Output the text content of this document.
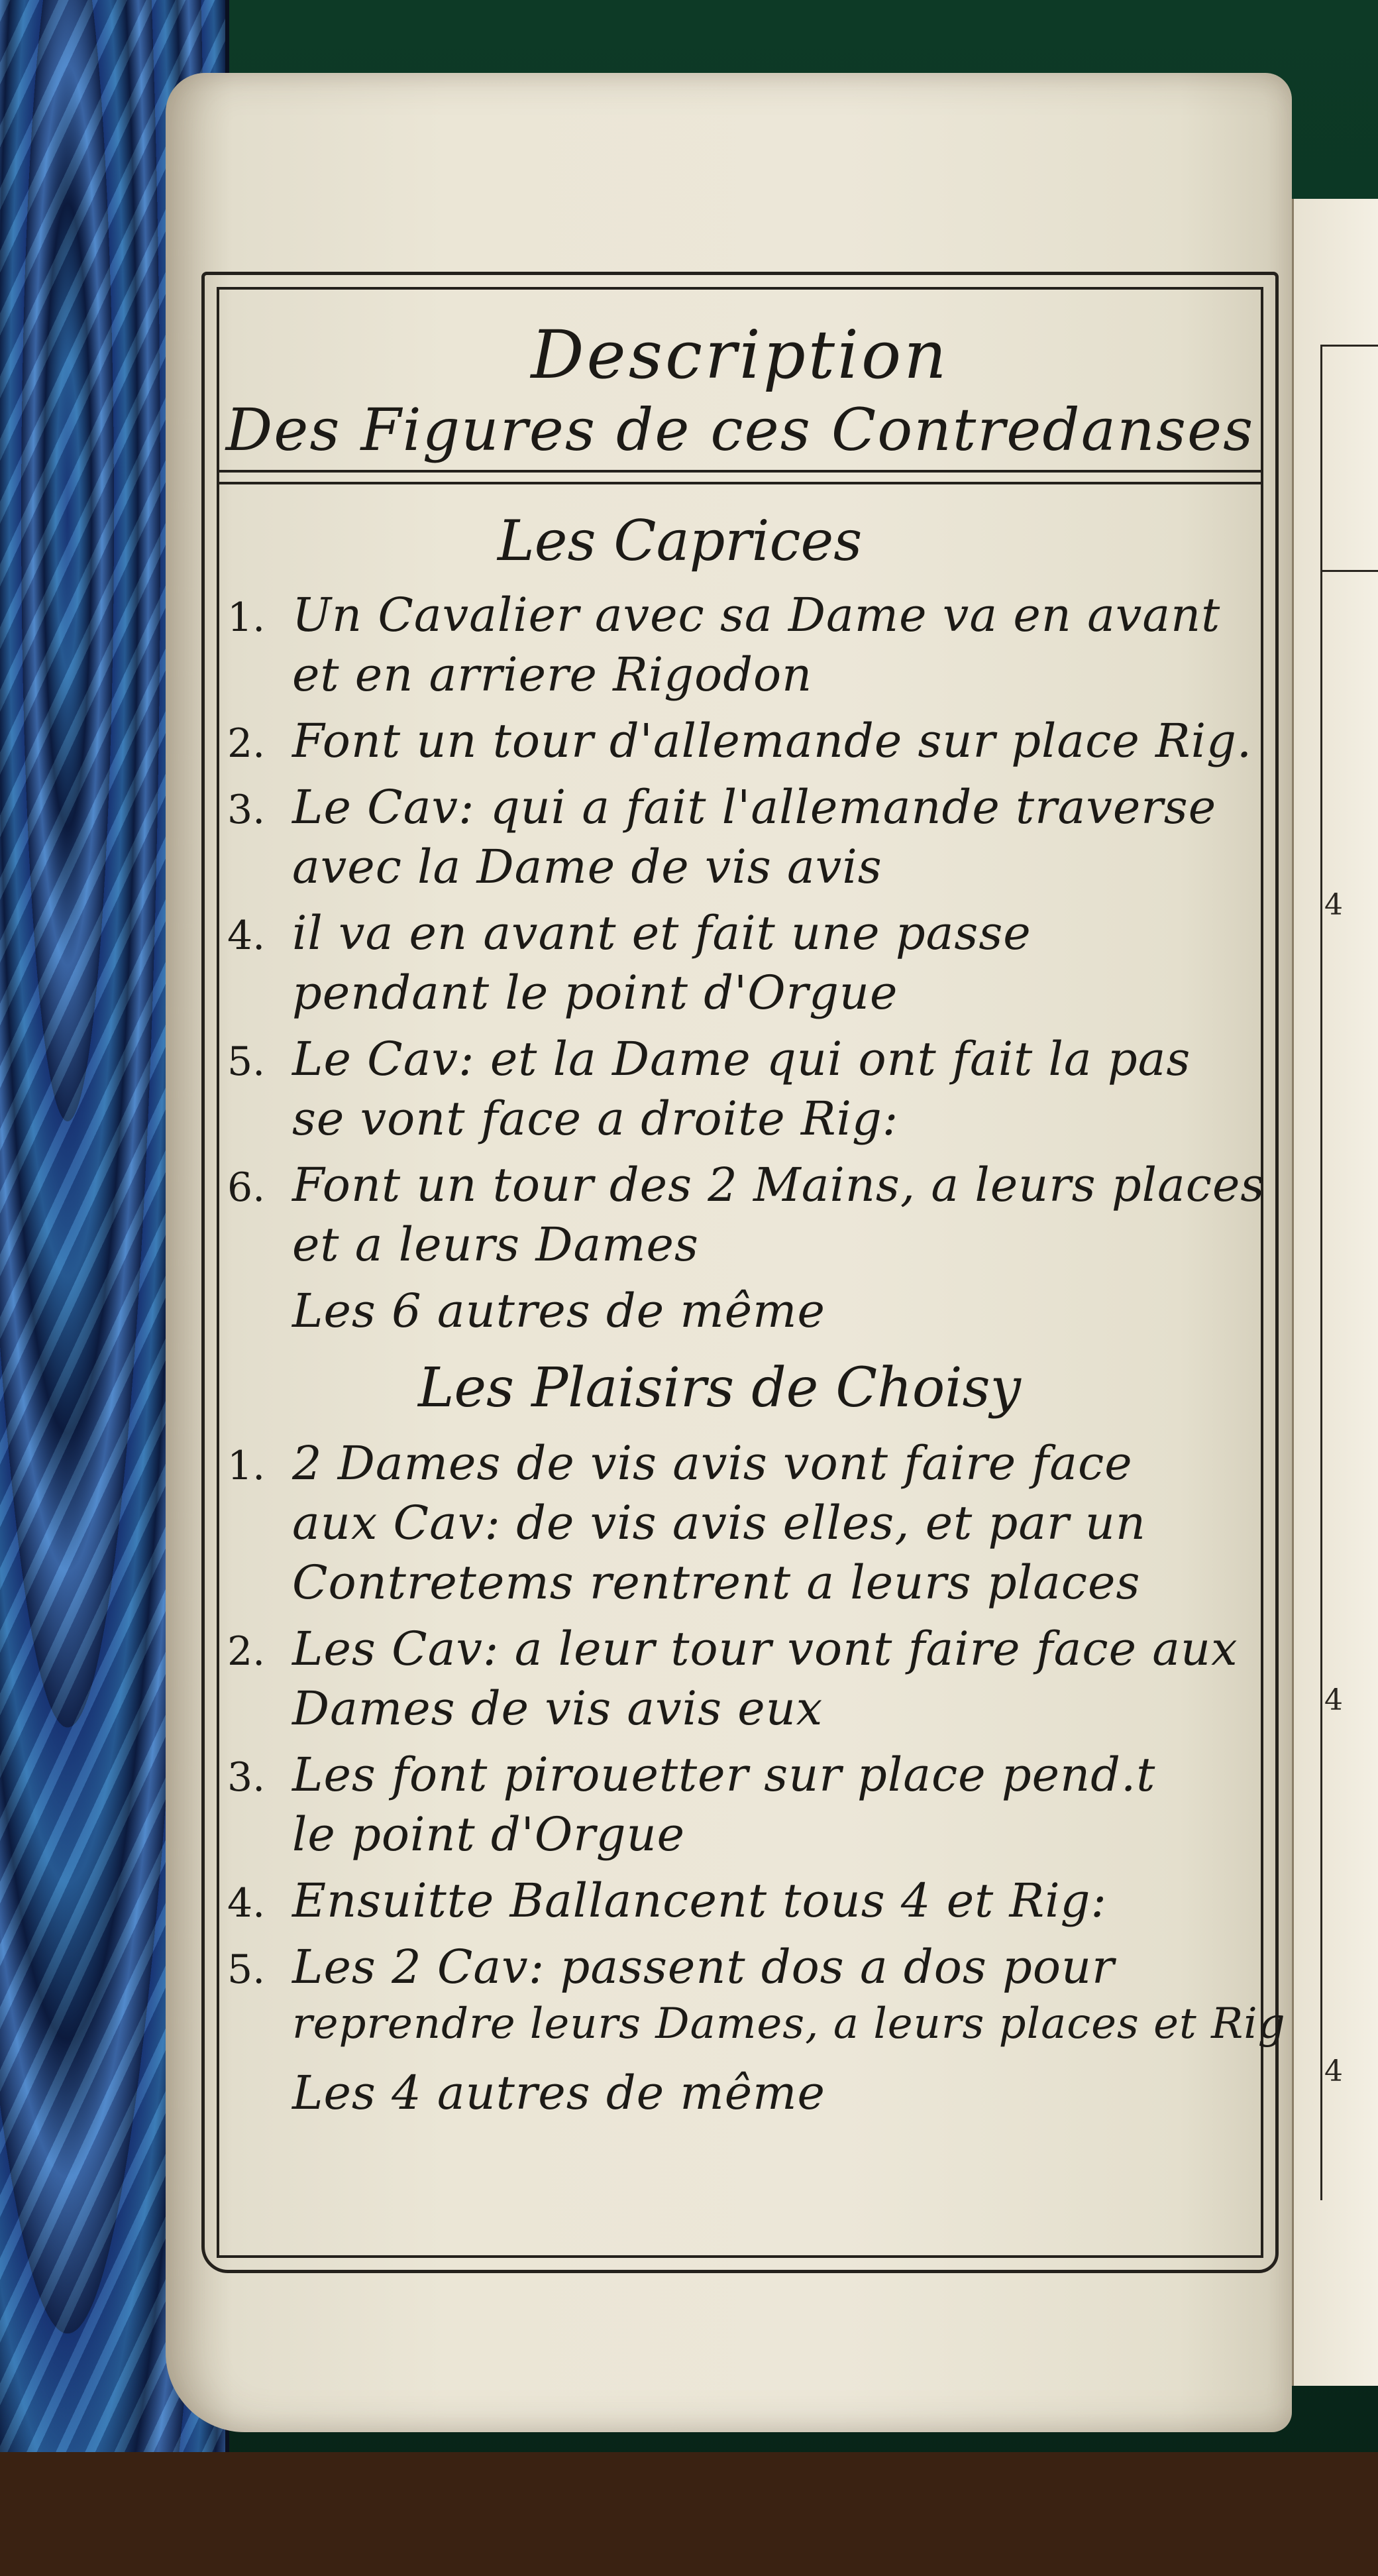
4
4
4
Description
Des Figures de ces Contredanses
Les Caprices
1. Un Cavalier avec sa Dame va en avant
et en arriere Rigodon
2. Font un tour d'allemande sur place Rig.
3. Le Cav: qui a fait l'allemande traverse
avec la Dame de vis avis
4. il va en avant et fait une passe
pendant le point d'Orgue
5. Le Cav: et la Dame qui ont fait la pas
se vont face a droite Rig:
6. Font un tour des 2 Mains, a leurs places
et a leurs Dames
Les 6 autres de même
Les Plaisirs de Choisy
1. 2 Dames de vis avis vont faire face
aux Cav: de vis avis elles, et par un
Contretems rentrent a leurs places
2. Les Cav: a leur tour vont faire face aux
Dames de vis avis eux
3. Les font pirouetter sur place pend.t
le point d'Orgue
4. Ensuitte Ballancent tous 4 et Rig:
5. Les 2 Cav: passent dos a dos pour
reprendre leurs Dames, a leurs places et Rig
Les 4 autres de même
